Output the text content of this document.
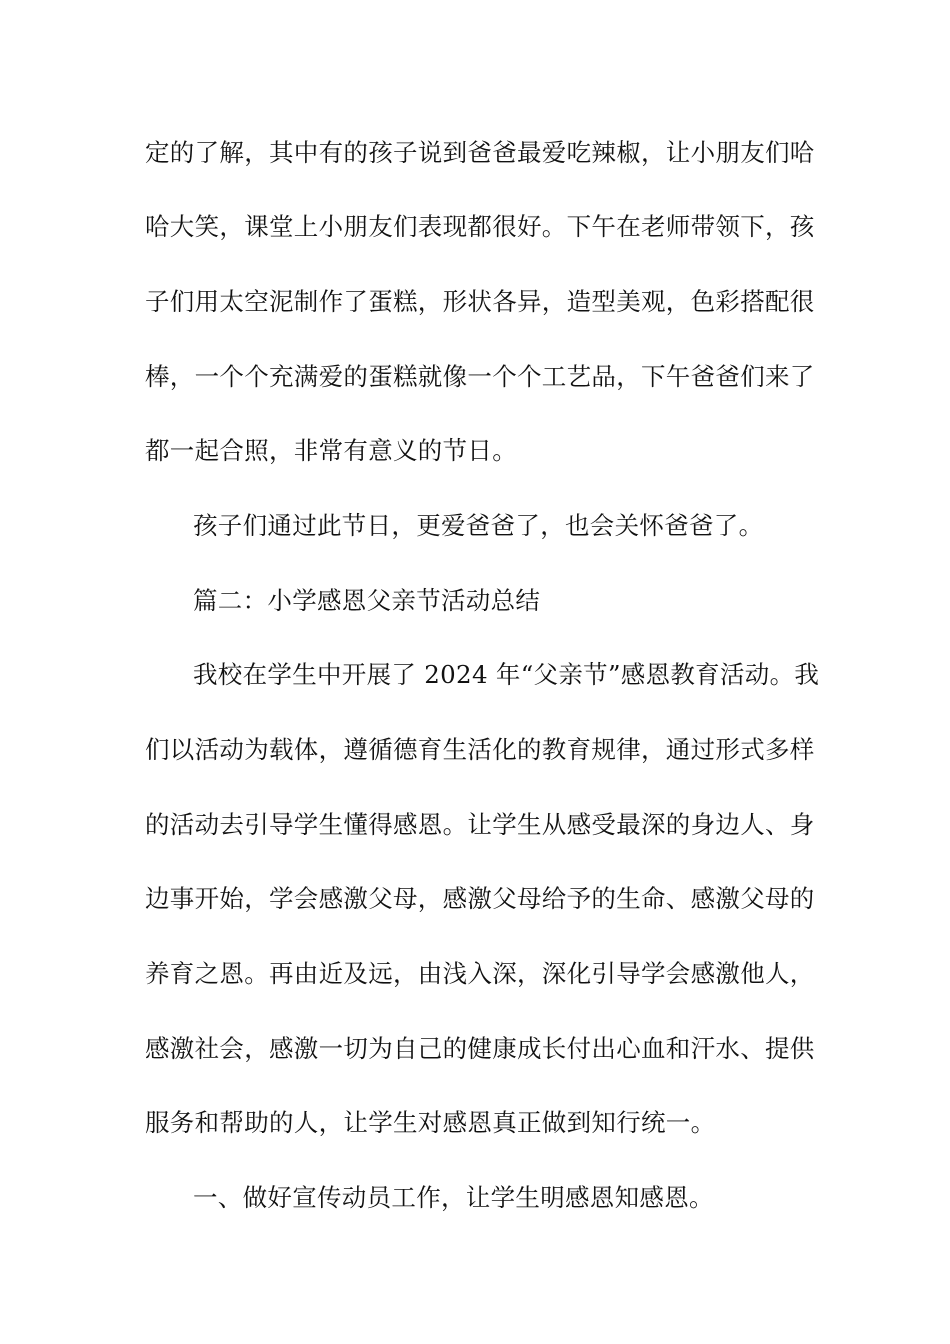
定的了解，其中有的孩子说到爸爸最爱吃辣椒，让小朋友们哈
哈大笑，课堂上小朋友们表现都很好。下午在老师带领下，孩
子们用太空泥制作了蛋糕，形状各异，造型美观，色彩搭配很
棒，一个个充满爱的蛋糕就像一个个工艺品，下午爸爸们来了
都一起合照，非常有意义的节日。
孩子们通过此节日，更爱爸爸了，也会关怀爸爸了。
篇二：小学感恩父亲节活动总结
我校在学生中开展了 2024 年“父亲节”感恩教育活动。我
们以活动为载体，遵循德育生活化的教育规律，通过形式多样
的活动去引导学生懂得感恩。让学生从感受最深的身边人、身
边事开始，学会感激父母，感激父母给予的生命、感激父母的
养育之恩。再由近及远，由浅入深，深化引导学会感激他人，
感激社会，感激一切为自己的健康成长付出心血和汗水、提供
服务和帮助的人，让学生对感恩真正做到知行统一。
一、做好宣传动员工作，让学生明感恩知感恩。
